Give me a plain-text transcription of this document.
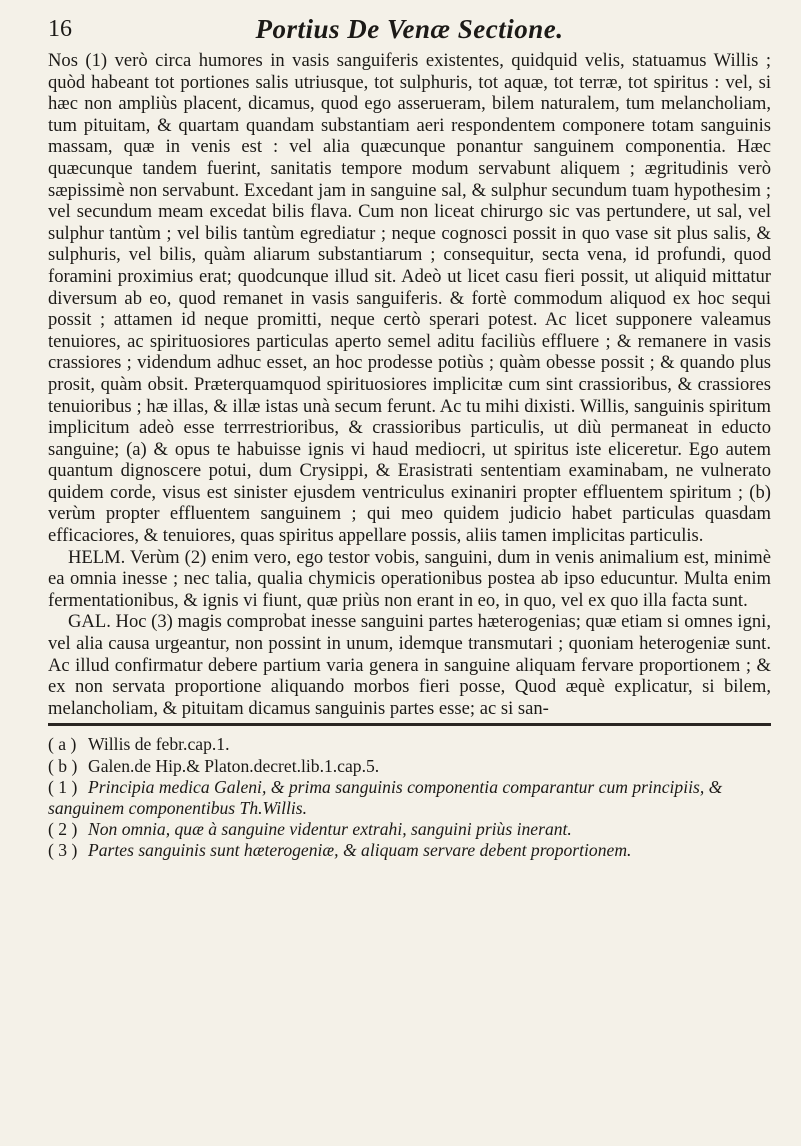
16	Portius De Venæ Sectione.

Nos (1) verò circa humores in vasis sanguiferis existentes, quidquid velis, statuamus Willis ; quòd habeant tot portiones salis utriusque, tot sulphuris, tot aquæ, tot terræ, tot spiritus : vel, si hæc non ampliùs placent, dicamus, quod ego asserueram, bilem naturalem, tum melancholiam, tum pituitam, & quartam quandam substantiam aeri respondentem componere totam sanguinis massam, quæ in venis est : vel alia quæcunque ponantur sanguinem componentia. Hæc quæcunque tandem fuerint, sanitatis tempore modum servabunt aliquem ; ægritudinis verò sæpissimè non servabunt. Excedant jam in sanguine sal, & sulphur secundum tuam hypothesim ; vel secundum meam excedat bilis flava. Cum non liceat chirurgo sic vas pertundere, ut sal, vel sulphur tantùm ; vel bilis tantùm egrediatur ; neque cognosci possit in quo vase sit plus salis, & sulphuris, vel bilis, quàm aliarum substantiarum ; consequitur, secta vena, id profundi, quod foramini proximius erat; quodcunque illud sit. Adeò ut licet casu fieri possit, ut aliquid mittatur diversum ab eo, quod remanet in vasis sanguiferis. & fortè commodum aliquod ex hoc sequi possit ; attamen id neque promitti, neque certò sperari potest. Ac licet supponere valeamus tenuiores, ac spirituosiores particulas aperto semel aditu faciliùs effluere ; & remanere in vasis crassiores ; videndum adhuc esset, an hoc prodesse potiùs ; quàm obesse possit ; & quando plus prosit, quàm obsit. Præterquamquod spirituosiores implicitæ cum sint crassioribus, & crassiores tenuioribus ; hæ illas, & illæ istas unà secum ferunt. Ac tu mihi dixisti. Willis, sanguinis spiritum implicitum adeò esse terrrestrioribus, & crassioribus particulis, ut diù permaneat in educto sanguine; (a) & opus te habuisse ignis vi haud mediocri, ut spiritus iste eliceretur. Ego autem quantum dignoscere potui, dum Crysippi, & Erasistrati sententiam examinabam, ne vulnerato quidem corde, visus est sinister ejusdem ventriculus exinaniri propter effluentem spiritum ; (b) verùm propter effluentem sanguinem ; qui meo quidem judicio habet particulas quasdam efficaciores, & tenuiores, quas spiritus appellare possis, aliis tamen implicitas particulis.

HELM. Verùm (2) enim vero, ego testor vobis, sanguini, dum in venis animalium est, minimè ea omnia inesse ; nec talia, qualia chymicis operationibus postea ab ipso educuntur. Multa enim fermentationibus, & ignis vi fiunt, quæ priùs non erant in eo, in quo, vel ex quo illa facta sunt.

GAL. Hoc (3) magis comprobat inesse sanguini partes hæterogenias; quæ etiam si omnes igni, vel alia causa urgeantur, non possint in unum, idemque transmutari ; quoniam heterogeniæ sunt. Ac illud confirmatur debere partium varia genera in sanguine aliquam fervare proportionem ; & ex non servata proportione aliquando morbos fieri posse, Quod æquè explicatur, si bilem, melancholiam, & pituitam dicamus sanguinis partes esse; ac si san-

( a ) Willis de febr.cap.1.
( b ) Galen.de Hip.& Platon.decret.lib.1.cap.5.
( 1 ) Principia medica Galeni, & prima sanguinis componentia comparantur cum principiis, & sanguinem componentibus Th.Willis.
( 2 ) Non omnia, quæ à sanguine videntur extrahi, sanguini priùs inerant.
( 3 ) Partes sanguinis sunt hæterogeniæ, & aliquam servare debent proportionem.
